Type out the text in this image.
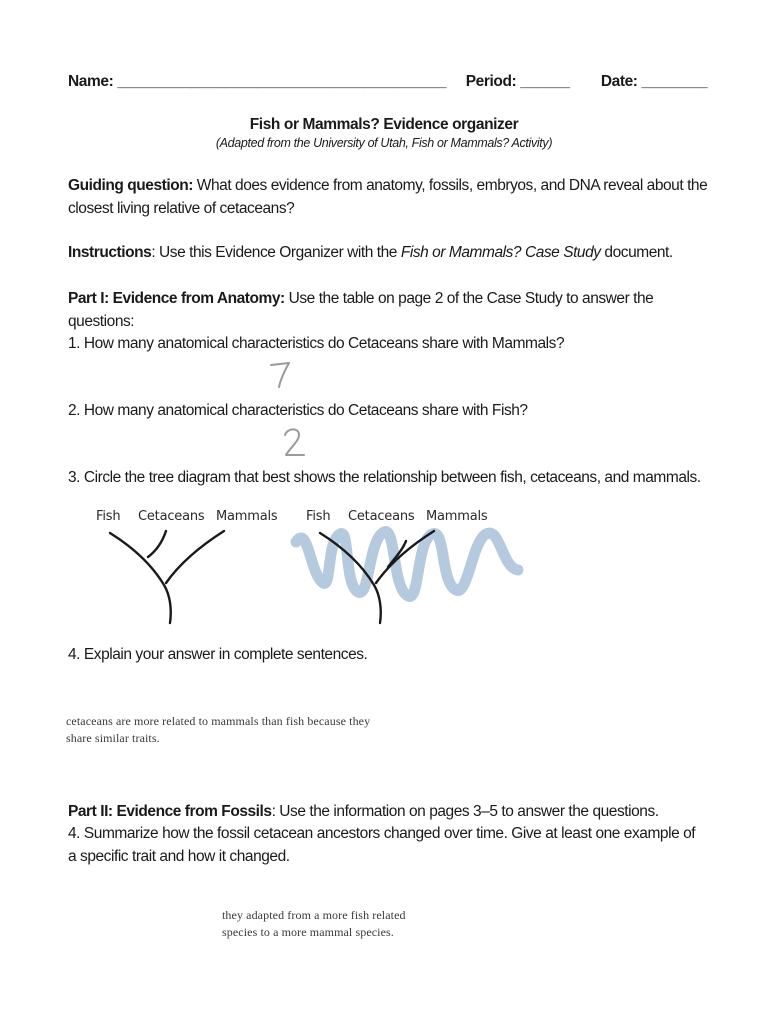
Name: ________________________________________ Period: ______ Date: ________
Fish or Mammals? Evidence organizer
(Adapted from the University of Utah, Fish or Mammals? Activity)
Guiding question: What does evidence from anatomy, fossils, embryos, and DNA reveal about the closest living relative of cetaceans?
Instructions: Use this Evidence Organizer with the Fish or Mammals? Case Study document.
Part I: Evidence from Anatomy: Use the table on page 2 of the Case Study to answer the questions:
1. How many anatomical characteristics do Cetaceans share with Mammals?
2. How many anatomical characteristics do Cetaceans share with Fish?
3. Circle the tree diagram that best shows the relationship between fish, cetaceans, and mammals.
Fish Cetaceans Mammals Fish Cetaceans Mammals
4. Explain your answer in complete sentences.
cetaceans are more related to mammals than fish because they
share similar traits.
Part II: Evidence from Fossils: Use the information on pages 3–5 to answer the questions.
4. Summarize how the fossil cetacean ancestors changed over time. Give at least one example of
a specific trait and how it changed.
they adapted from a more fish related
species to a more mammal species.
